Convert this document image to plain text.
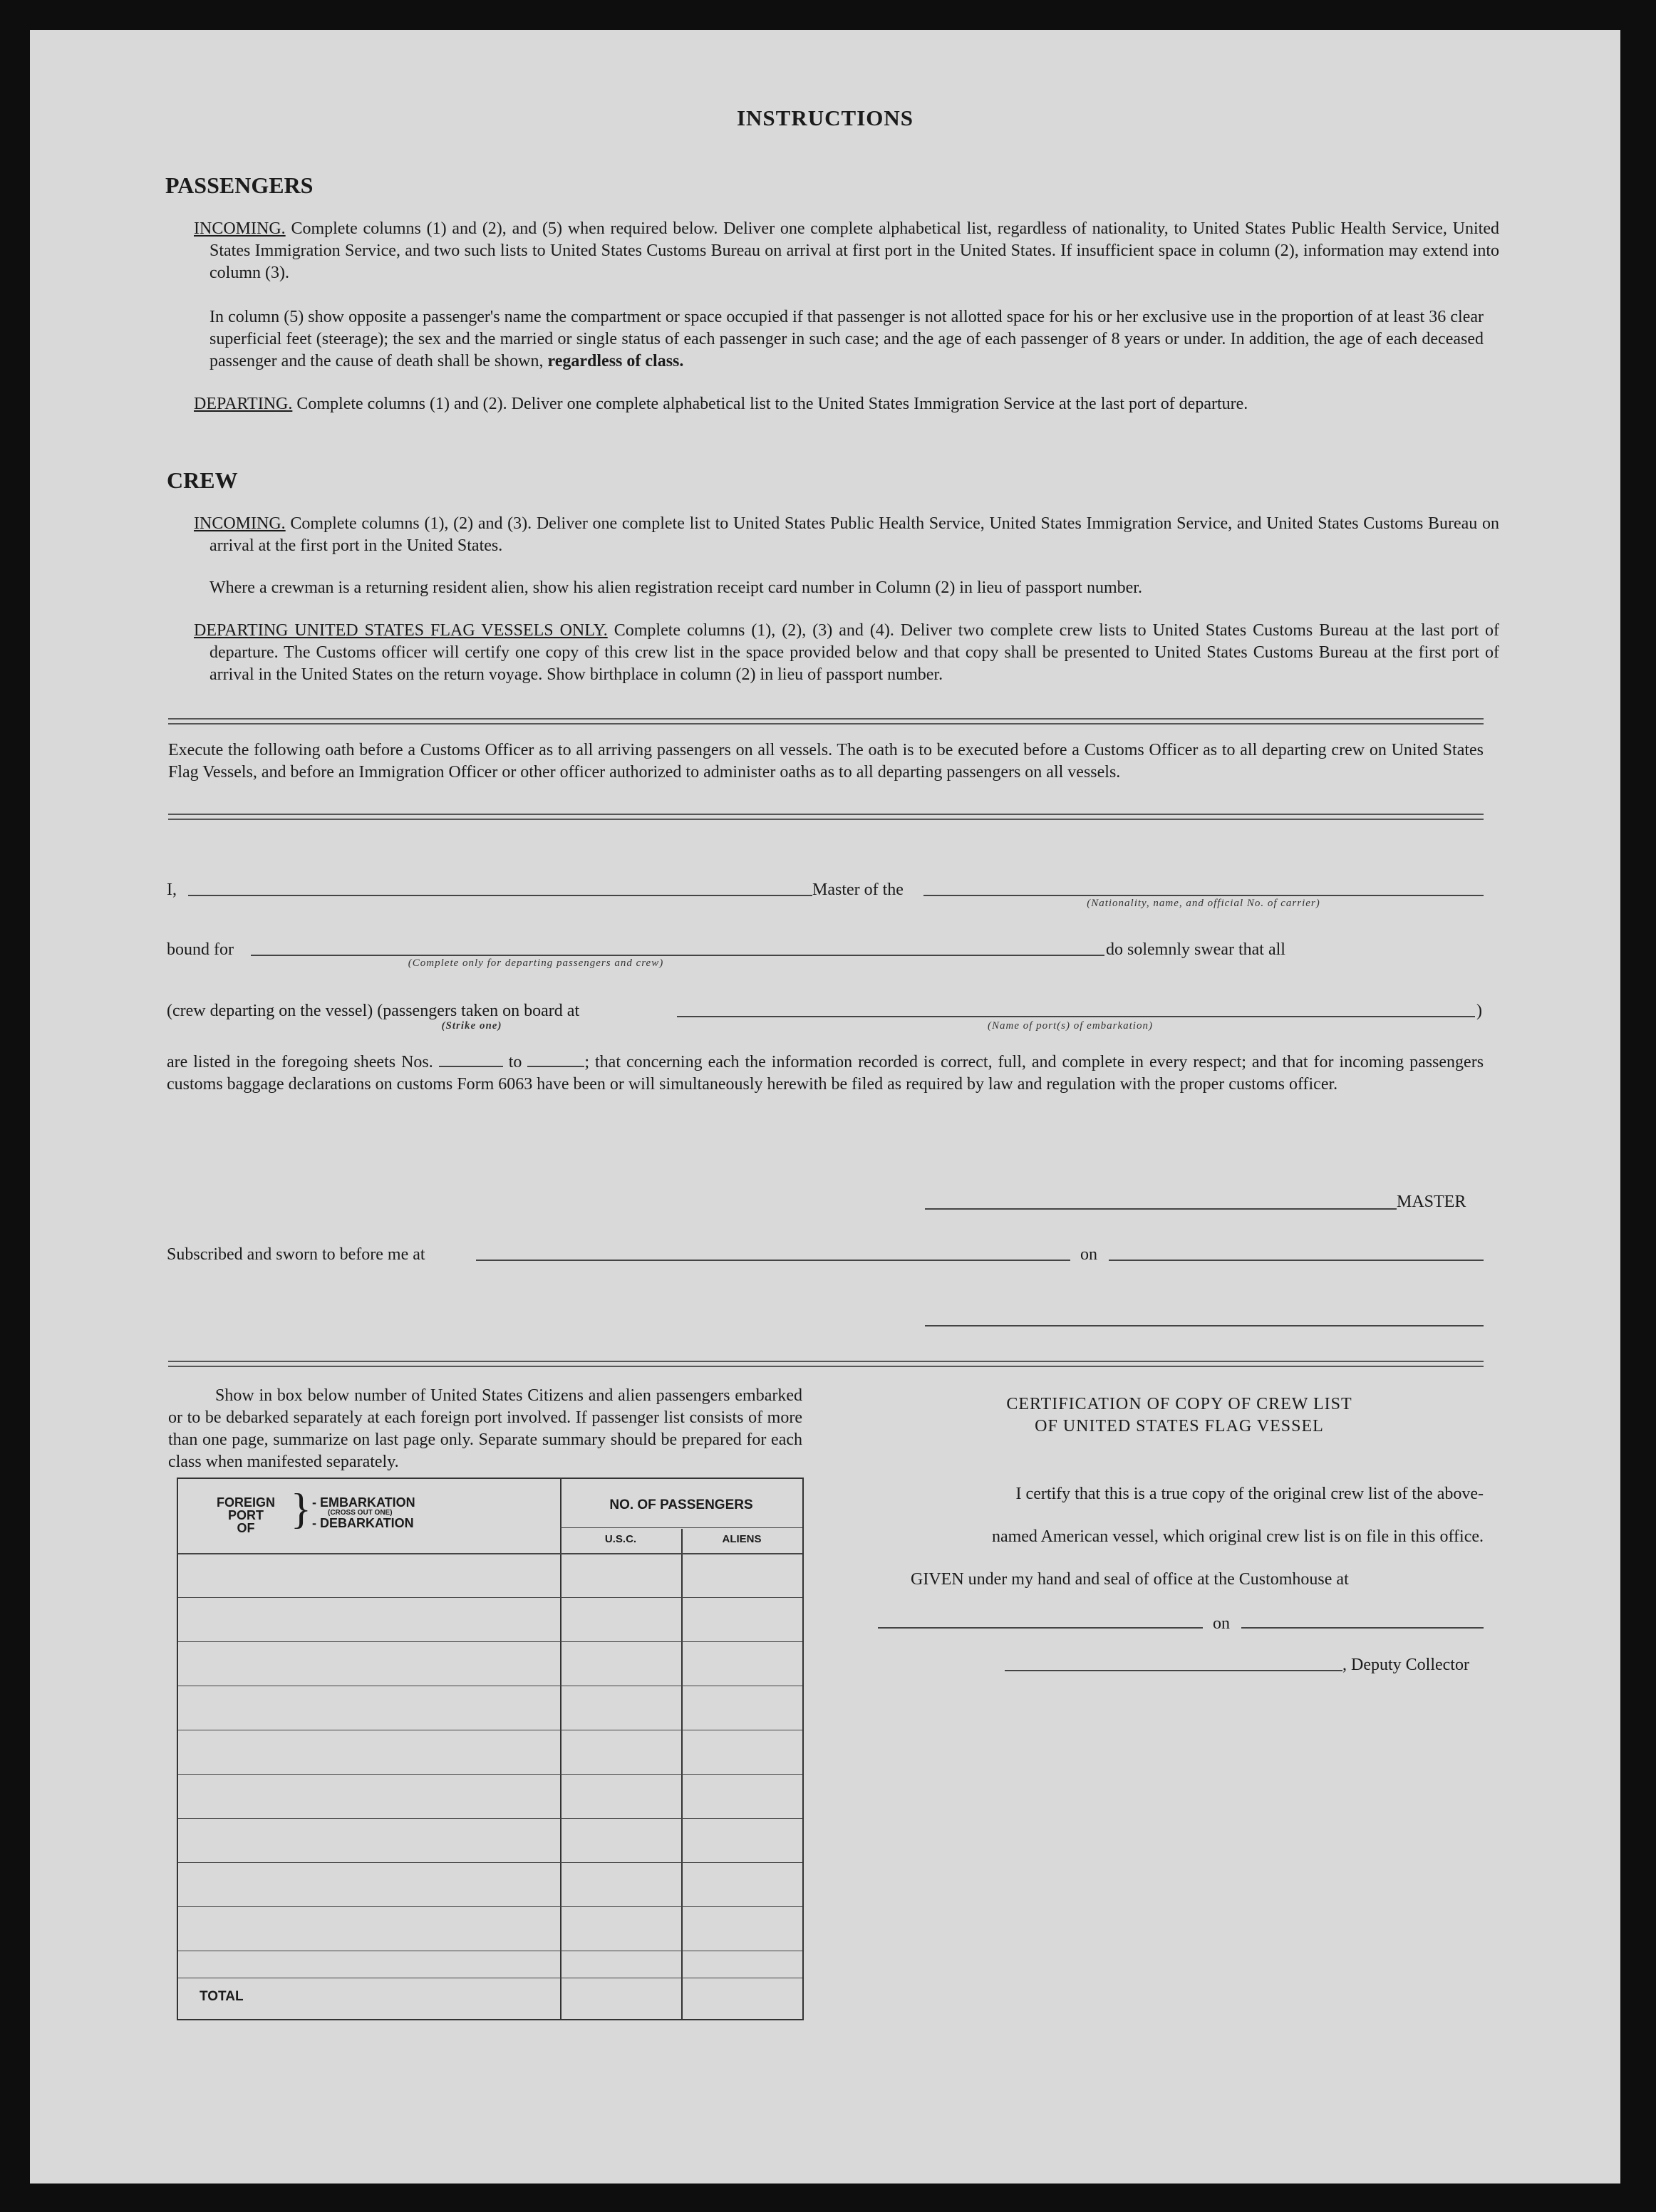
INSTRUCTIONS
PASSENGERS
INCOMING. Complete columns (1) and (2), and (5) when required below. Deliver one complete alphabetical list, regardless of nationality, to United States Public Health Service, United States Immigration Service, and two such lists to United States Customs Bureau on arrival at first port in the United States. If insufficient space in column (2), information may extend into column (3).
In column (5) show opposite a passenger's name the compartment or space occupied if that passenger is not allotted space for his or her exclusive use in the proportion of at least 36 clear superficial feet (steerage); the sex and the married or single status of each passenger in such case; and the age of each passenger of 8 years or under. In addition, the age of each deceased passenger and the cause of death shall be shown, regardless of class.
DEPARTING. Complete columns (1) and (2). Deliver one complete alphabetical list to the United States Immigration Service at the last port of departure.
CREW
INCOMING. Complete columns (1), (2) and (3). Deliver one complete list to United States Public Health Service, United States Immigration Service, and United States Customs Bureau on arrival at the first port in the United States.
Where a crewman is a returning resident alien, show his alien registration receipt card number in Column (2) in lieu of passport number.
DEPARTING UNITED STATES FLAG VESSELS ONLY. Complete columns (1), (2), (3) and (4). Deliver two complete crew lists to United States Customs Bureau at the last port of departure. The Customs officer will certify one copy of this crew list in the space provided below and that copy shall be presented to United States Customs Bureau at the first port of arrival in the United States on the return voyage. Show birthplace in column (2) in lieu of passport number.
Execute the following oath before a Customs Officer as to all arriving passengers on all vessels. The oath is to be executed before a Customs Officer as to all departing crew on United States Flag Vessels, and before an Immigration Officer or other officer authorized to administer oaths as to all departing passengers on all vessels.
I,	Master of the
(Nationality, name, and official No. of carrier)
bound for
(Complete only for departing passengers and crew)
do solemnly swear that all
(crew departing on the vessel) (passengers taken on board at
(Strike one)
)
(Name of port(s) of embarkation)
are listed in the foregoing sheets Nos.	to	; that concerning each the information recorded is correct, full, and complete in every respect; and that for incoming passengers customs baggage declarations on customs Form 6063 have been or will simultaneously herewith be filed as required by law and regulation with the proper customs officer.
MASTER
Subscribed and sworn to before me at	on
Show in box below number of United States Citizens and alien passengers embarked or to be debarked separately at each foreign port involved. If passenger list consists of more than one page, summarize on last page only. Separate summary should be prepared for each class when manifested separately.
FOREIGN
PORT
OF } - EMBARKATION
(CROSS OUT ONE)
- DEBARKATION
NO. OF PASSENGERS
U.S.C.	ALIENS
TOTAL
CERTIFICATION OF COPY OF CREW LIST
OF UNITED STATES FLAG VESSEL
I certify that this is a true copy of the original crew list of the above-
named American vessel, which original crew list is on file in this office.
GIVEN under my hand and seal of office at the Customhouse at
on
, Deputy Collector
